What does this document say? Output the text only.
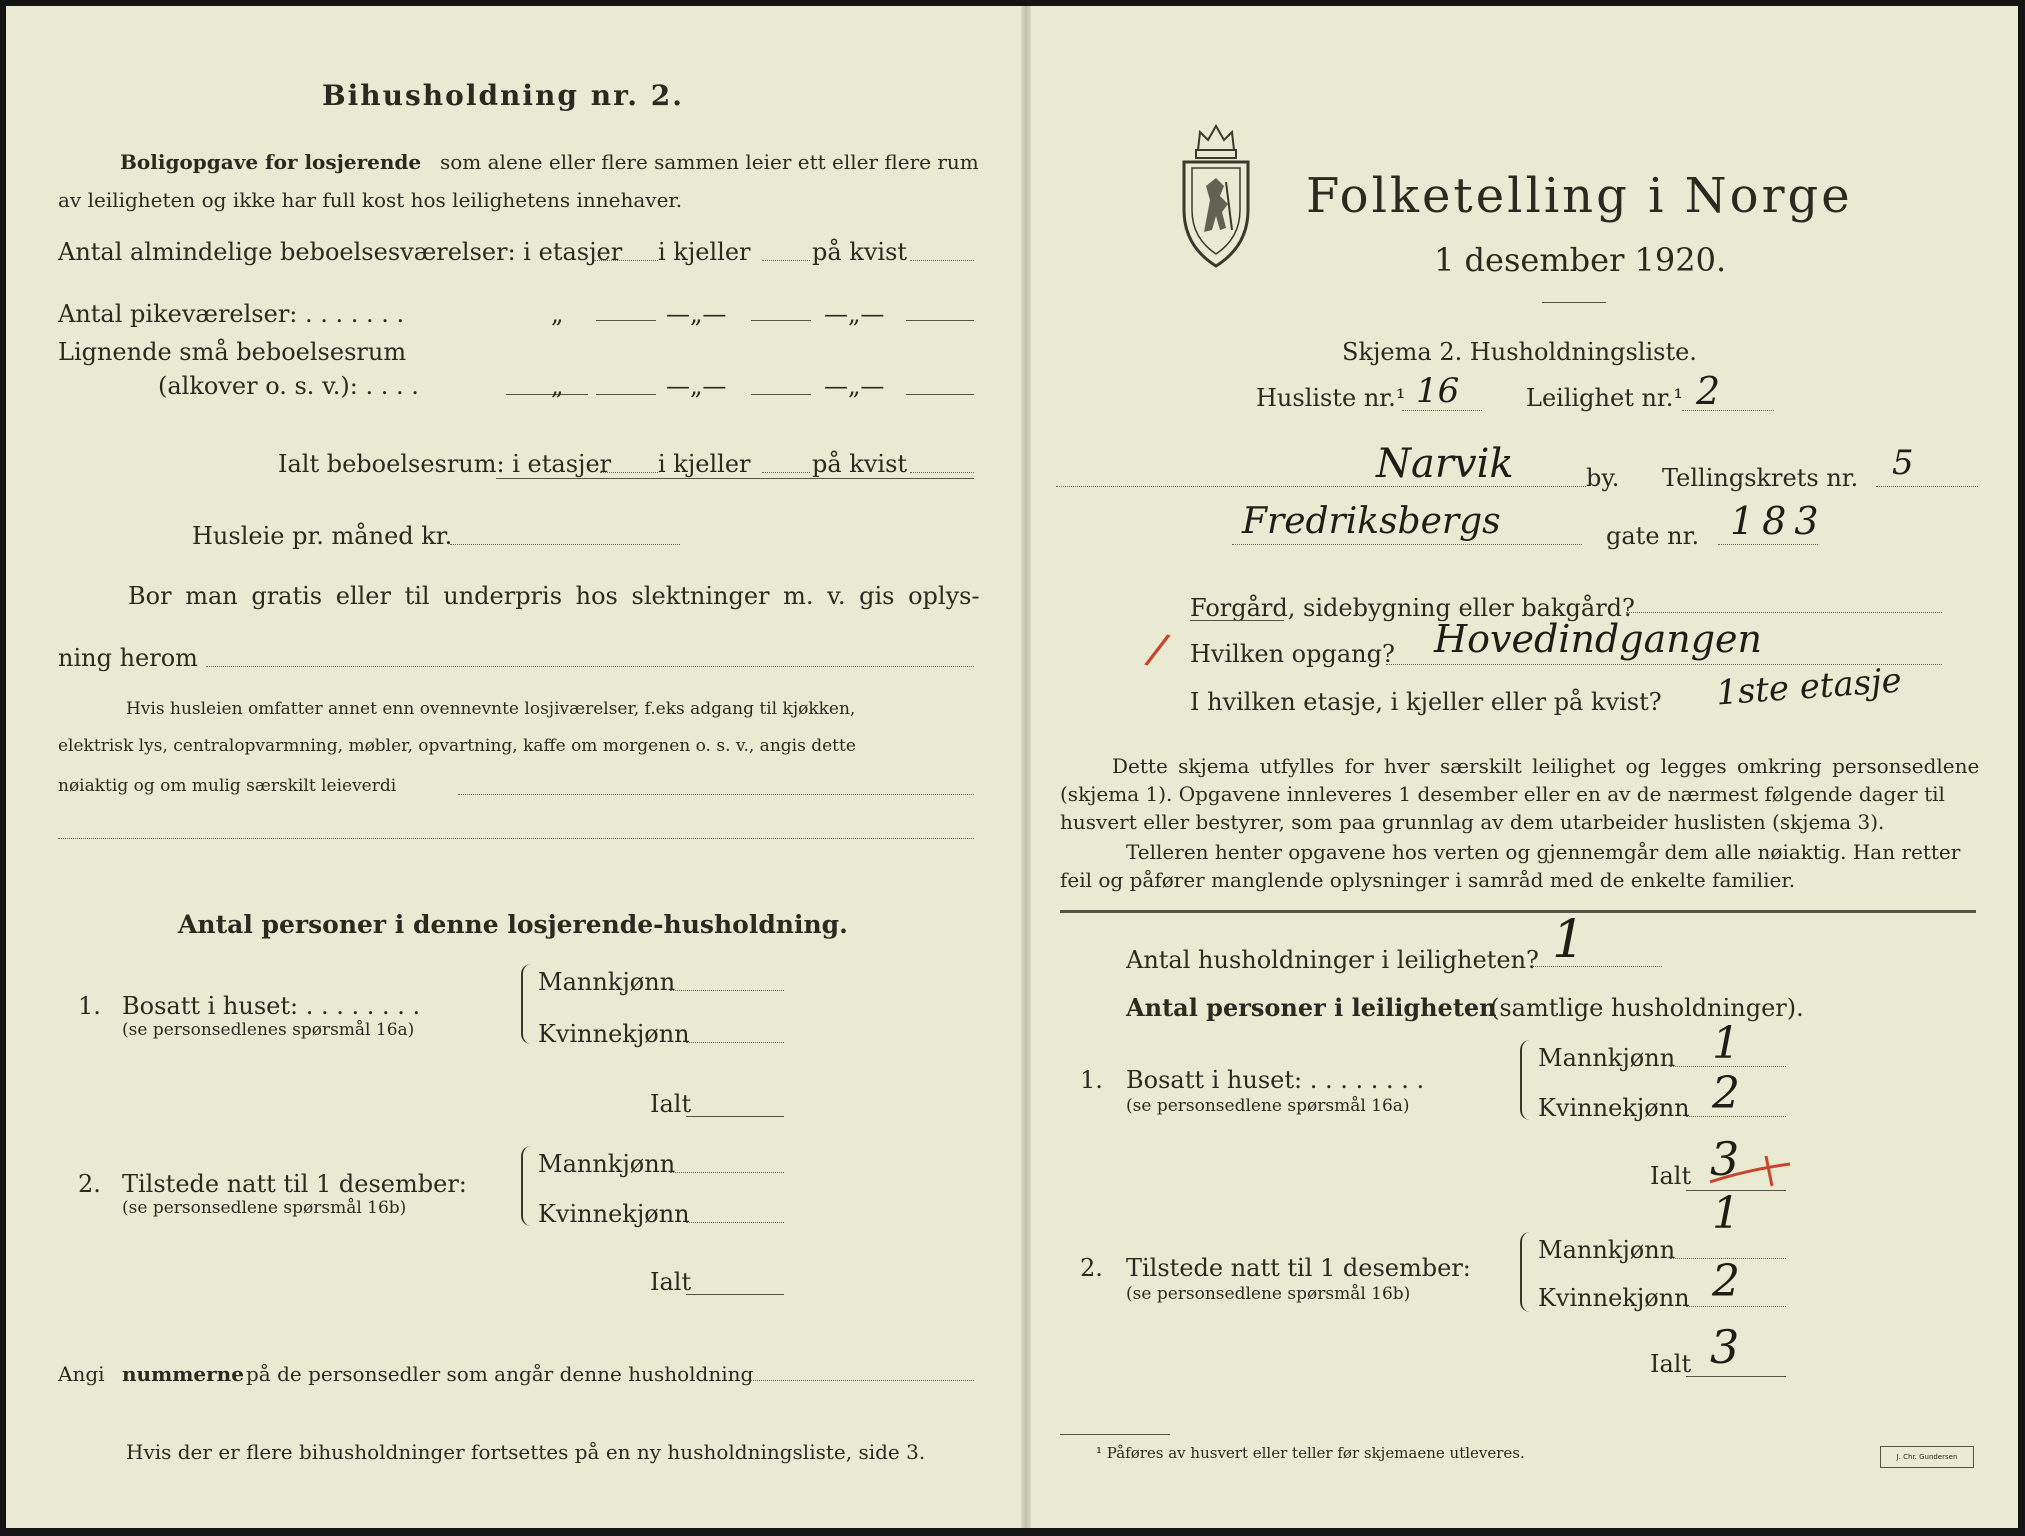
Bihusholdning nr. 2.
Boligopgave for losjerende som alene eller flere sammen leier ett eller flere rum
av leiligheten og ikke har full kost hos leilighetens innehaver.
Antal almindelige beboelsesværelser: i etasjer i kjeller	på kvist
Antal pikeværelser: . . . . . . .	„	—„—	—„—
Lignende små beboelsesrum
(alkover o. s. v.): . . . .	„	—„—	—„—
Ialt beboelsesrum: i etasjer i kjeller	på kvist
Husleie pr. måned kr.
Bor man gratis eller til underpris hos slektninger m. v. gis oplys-
ning herom
Hvis husleien omfatter annet enn ovennevnte losjiværelser, f.eks adgang til kjøkken,
elektrisk lys, centralopvarmning, møbler, opvartning, kaffe om morgenen o. s. v., angis dette
nøiaktig og om mulig særskilt leieverdi
Antal personer i denne losjerende-husholdning.
1. Bosatt i huset: . . . . . . . .
(se personsedlenes spørsmål 16a)
Mannkjønn
Kvinnekjønn
Ialt
2. Tilstede natt til 1 desember:
(se personsedlene spørsmål 16b)
Mannkjønn
Kvinnekjønn
Ialt
Angi nummerne på de personsedler som angår denne husholdning
Hvis der er flere bihusholdninger fortsettes på en ny husholdningsliste, side 3.
Folketelling i Norge
1 desember 1920.
Skjema 2. Husholdningsliste.
Husliste nr.¹ 16	Leilighet nr.¹ 2
Narvik	by. Tellingskrets nr. 5
Fredriksbergs	gate nr. 183
Forgård, sidebygning eller bakgård?
/ Hvilken opgang? Hovedindgangen
I hvilken etasje, i kjeller eller på kvist? 1ste etasje
Dette skjema utfylles for hver særskilt leilighet og legges omkring personsedlene
(skjema 1). Opgavene innleveres 1 desember eller en av de nærmest følgende dager til
husvert eller bestyrer, som paa grunnlag av dem utarbeider huslisten (skjema 3).
Telleren henter opgavene hos verten og gjennemgår dem alle nøiaktig. Han retter
feil og påfører manglende oplysninger i samråd med de enkelte familier.
Antal husholdninger i leiligheten? 1
Antal personer i leiligheten
(samtlige husholdninger).
1. Bosatt i huset: . . . . . . . .
(se personsedlene spørsmål 16a)
Mannkjønn 1
Kvinnekjønn 2
Ialt 3
2. Tilstede natt til 1 desember:
(se personsedlene spørsmål 16b)
Mannkjønn
1
Kvinnekjønn 2
Ialt 3
¹ Påføres av husvert eller teller før skjemaene utleveres.	J. Chr. Gundersen
